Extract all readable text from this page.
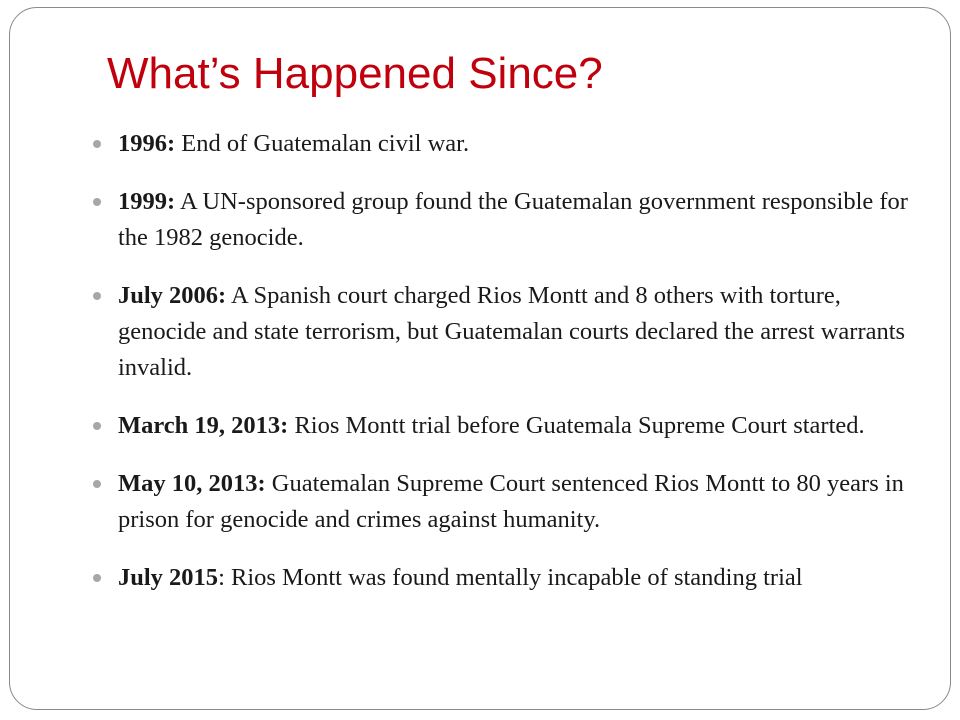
What’s Happened Since?
1996: End of Guatemalan civil war.
1999: A UN-sponsored group found the Guatemalan government responsible for the 1982 genocide.
July 2006: A Spanish court charged Rios Montt and 8 others with torture, genocide and state terrorism, but Guatemalan courts declared the arrest warrants invalid.
March 19, 2013: Rios Montt trial before Guatemala Supreme Court started.
May 10, 2013: Guatemalan Supreme Court sentenced Rios Montt to 80 years in prison for genocide and crimes against humanity.
July 2015: Rios Montt was found mentally incapable of standing trial
